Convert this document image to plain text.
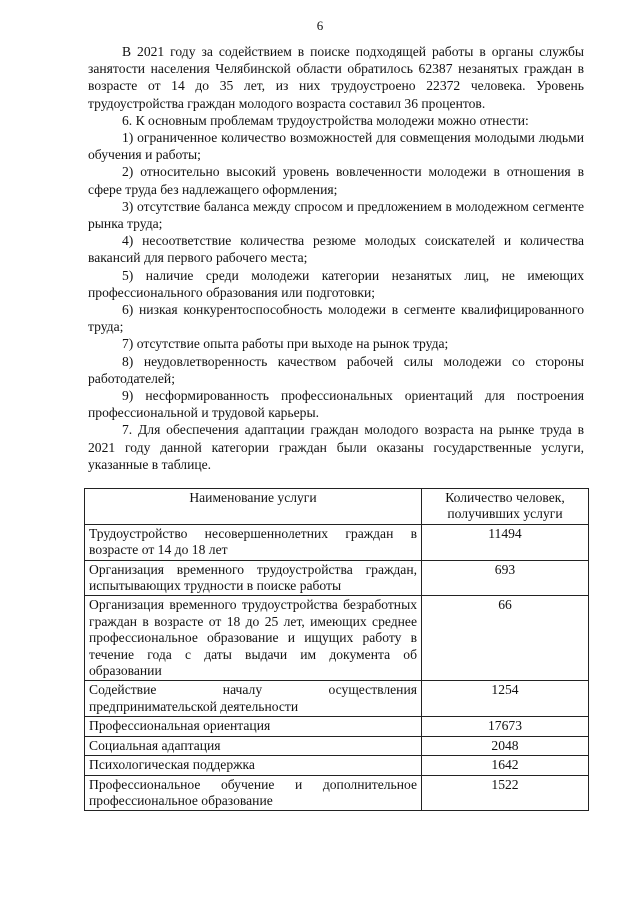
6

В 2021 году за содействием в поиске подходящей работы в органы службы занятости населения Челябинской области обратилось 62387 незанятых граждан в возрасте от 14 до 35 лет, из них трудоустроено 22372 человека. Уровень трудоустройства граждан молодого возраста составил 36 процентов.

6. К основным проблемам трудоустройства молодежи можно отнести:

1) ограниченное количество возможностей для совмещения молодыми людьми обучения и работы;

2) относительно высокий уровень вовлеченности молодежи в отношения в сфере труда без надлежащего оформления;

3) отсутствие баланса между спросом и предложением в молодежном сегменте рынка труда;

4) несоответствие количества резюме молодых соискателей и количества вакансий для первого рабочего места;

5) наличие среди молодежи категории незанятых лиц, не имеющих профессионального образования или подготовки;

6) низкая конкурентоспособность молодежи в сегменте квалифицированного труда;

7) отсутствие опыта работы при выходе на рынок труда;

8) неудовлетворенность качеством рабочей силы молодежи со стороны работодателей;

9) несформированность профессиональных ориентаций для построения профессиональной и трудовой карьеры.

7. Для обеспечения адаптации граждан молодого возраста на рынке труда в 2021 году данной категории граждан были оказаны государственные услуги, указанные в таблице.

Наименование услуги	Количество человек, получивших услуги
Трудоустройство несовершеннолетних граждан в возрасте от 14 до 18 лет	11494
Организация временного трудоустройства граждан, испытывающих трудности в поиске работы	693
Организация временного трудоустройства безработных граждан в возрасте от 18 до 25 лет, имеющих среднее профессиональное образование и ищущих работу в течение года с даты выдачи им документа об образовании	66
Содействие началу осуществления предпринимательской деятельности	1254
Профессиональная ориентация	17673
Социальная адаптация	2048
Психологическая поддержка	1642
Профессиональное обучение и дополнительное профессиональное образование	1522
